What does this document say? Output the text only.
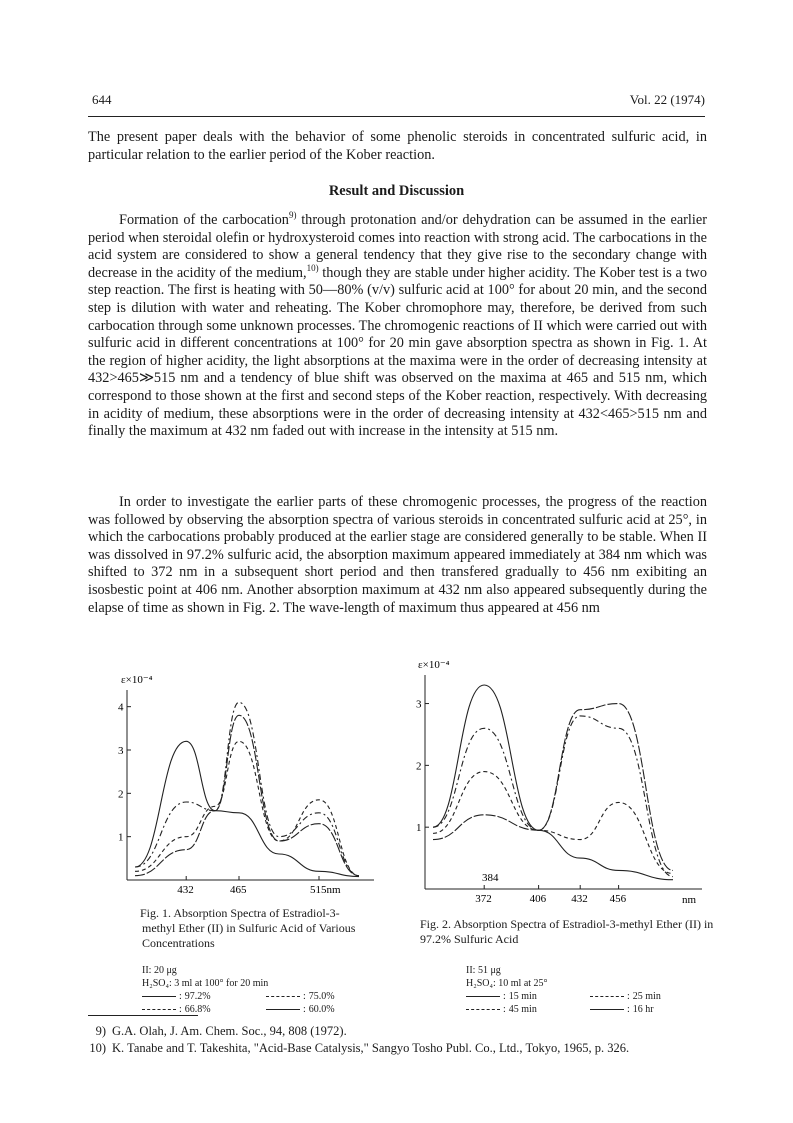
644	Vol. 22 (1974)

The present paper deals with the behavior of some phenolic steroids in concentrated sulfuric acid, in particular relation to the earlier period of the Kober reaction.

Result and Discussion

Formation of the carbocation$^{9)}$ through protonation and/or dehydration can be assumed in the earlier period when steroidal olefin or hydroxysteroid comes into reaction with strong acid. The carbocations in the acid system are considered to show a general tendency that they give rise to the secondary change with decrease in the acidity of the medium,$^{10)}$ though they are stable under higher acidity. The Kober test is a two step reaction. The first is heating with 50—80% (v/v) sulfuric acid at 100° for about 20 min, and the second step is dilution with water and reheating. The Kober chromophore may, therefore, be derived from such carbocation through some unknown processes. The chromogenic reactions of II which were carried out with sulfuric acid in different concentrations at 100° for 20 min gave absorption spectra as shown in Fig. 1. At the region of higher acidity, the light absorptions at the maxima were in the order of decreasing intensity at 432>465≫515 nm and a tendency of blue shift was observed on the maxima at 465 and 515 nm, which correspond to those shown at the first and second steps of the Kober reaction, respectively. With decreasing in acidity of medium, these absorptions were in the order of decreasing intensity at 432<465>515 nm and finally the maximum at 432 nm faded out with increase in the intensity at 515 nm.

In order to investigate the earlier parts of these chromogenic processes, the progress of the reaction was followed by observing the absorption spectra of various steroids in concentrated sulfuric acid at 25°, in which the carbocations probably produced at the earlier stage are considered generally to be stable. When II was dissolved in 97.2% sulfuric acid, the absorption maximum appeared immediately at 384 nm which was shifted to 372 nm in a subsequent short period and then transfered gradually to 456 nm exibiting an isosbestic point at 406 nm. Another absorption maximum at 432 nm also appeared subsequently during the elapse of time as shown in Fig. 2. The wave-length of maximum thus appeared at 456 nm

ε×10⁻⁴
1
2
3
4
432	465	515nm
ε×10⁻⁴
1
2
3
372	406 432 456
384
nm

Fig. 1. Absorption Spectra of Estradiol-3-methyl Ether (II) in Sulfuric Acid of Various Concentrations

Fig. 2. Absorption Spectra of Estradiol-3-methyl Ether (II) in 97.2% Sulfuric Acid

II: 20 μg
H₂SO₄: 3 ml at 100° for 20 min
: 97.2%	: 75.0%
: 66.8%	: 60.0%
II: 51 μg
H₂SO₄: 10 ml at 25°
: 15 min	: 25 min
: 45 min	: 16 hr
9) G.A. Olah, J. Am. Chem. Soc., 94, 808 (1972).
10) K. Tanabe and T. Takeshita, "Acid-Base Catalysis," Sangyo Tosho Publ. Co., Ltd., Tokyo, 1965, p. 326.
